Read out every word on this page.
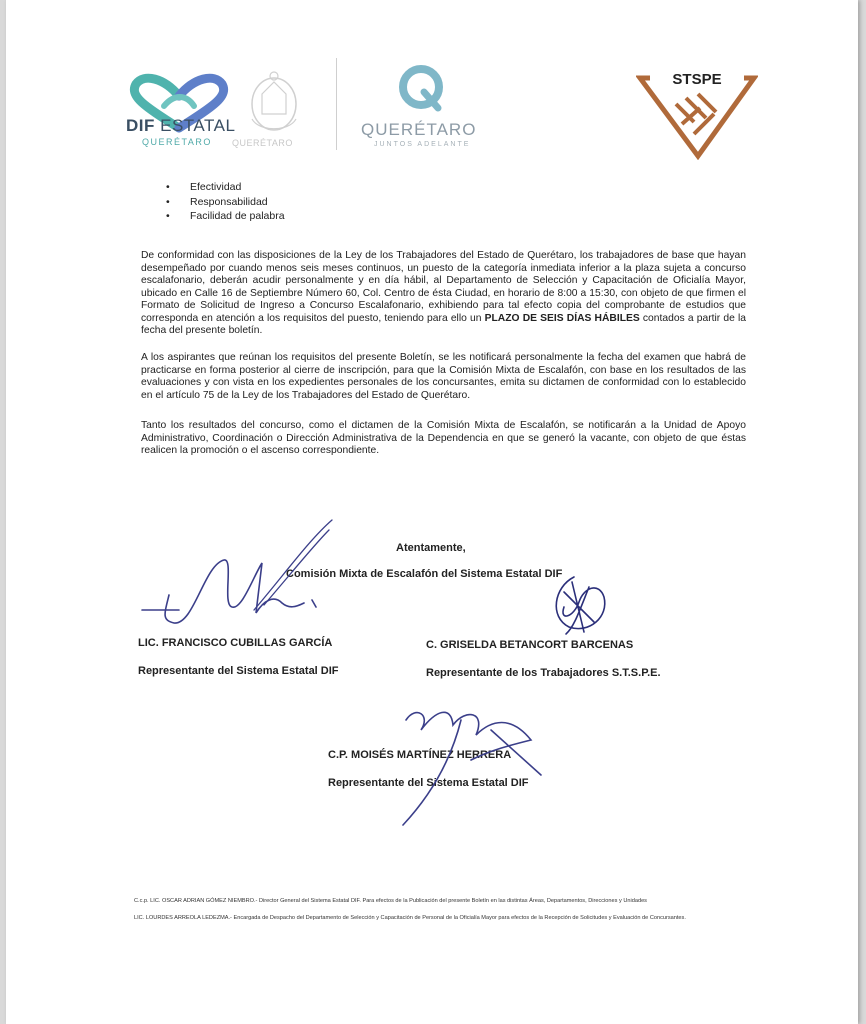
DIF ESTATAL
QUERÉTARO QUERÉTARO
QUERÉTARO
JUNTOS ADELANTE
STSPE
• Efectividad
• Responsabilidad
• Facilidad de palabra

De conformidad con las disposiciones de la Ley de los Trabajadores del Estado de Querétaro, los trabajadores de base que hayan desempeñado por cuando menos seis meses continuos, un puesto de la categoría inmediata inferior a la plaza sujeta a concurso escalafonario, deberán acudir personalmente y en día hábil, al Departamento de Selección y Capacitación de Oficialía Mayor, ubicado en Calle 16 de Septiembre Número 60, Col. Centro de ésta Ciudad, en horario de 8:00 a 15:30, con objeto de que firmen el Formato de Solicitud de Ingreso a Concurso Escalafonario, exhibiendo para tal efecto copia del comprobante de estudios que corresponda en atención a los requisitos del puesto, teniendo para ello un PLAZO DE SEIS DÍAS HÁBILES contados a partir de la fecha del presente boletín.

A los aspirantes que reúnan los requisitos del presente Boletín, se les notificará personalmente la fecha del examen que habrá de practicarse en forma posterior al cierre de inscripción, para que la Comisión Mixta de Escalafón, con base en los resultados de las evaluaciones y con vista en los expedientes personales de los concursantes, emita su dictamen de conformidad con lo establecido en el artículo 75 de la Ley de los Trabajadores del Estado de Querétaro.

Tanto los resultados del concurso, como el dictamen de la Comisión Mixta de Escalafón, se notificarán a la Unidad de Apoyo Administrativo, Coordinación o Dirección Administrativa de la Dependencia en que se generó la vacante, con objeto de que éstas realicen la promoción o el ascenso correspondiente.

Atentamente,
Comisión Mixta de Escalafón del Sistema Estatal DIF
LIC. FRANCISCO CUBILLAS GARCÍA
Representante del Sistema Estatal DIF
C. GRISELDA BETANCORT BARCENAS
Representante de los Trabajadores S.T.S.P.E.
C.P. MOISÉS MARTÍNEZ HERRERA
Representante del Sistema Estatal DIF
C.c.p. LIC. OSCAR ADRIAN GÓMEZ NIEMBRO.- Director General del Sistema Estatal DIF. Para efectos de la Publicación del presente Boletín en las distintas Áreas, Departamentos, Direcciones y Unidades
LIC. LOURDES ARREOLA LEDEZMA.- Encargada de Despacho del Departamento de Selección y Capacitación de Personal de la Oficialía Mayor para efectos de la Recepción de Solicitudes y Evaluación de Concursantes.
